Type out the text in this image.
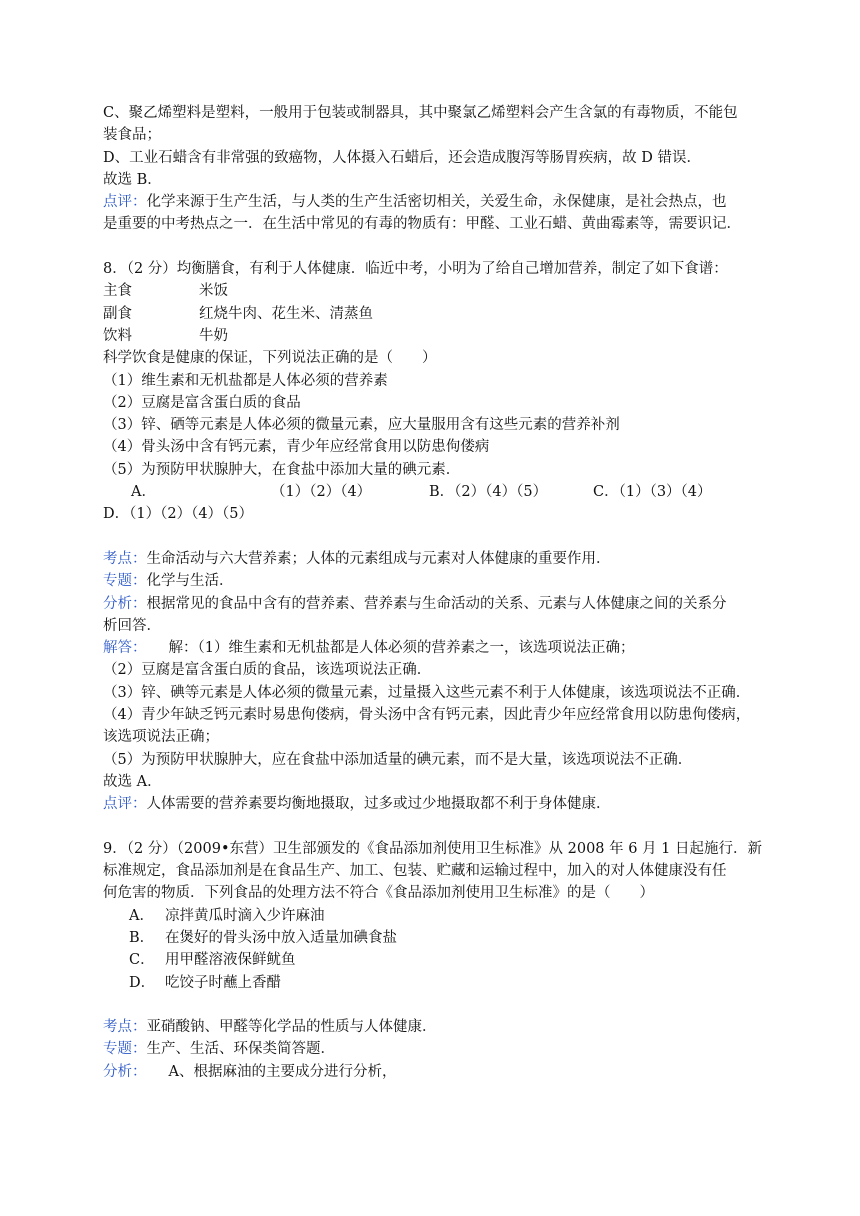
C、聚乙烯塑料是塑料，一般用于包装或制器具，其中聚氯乙烯塑料会产生含氯的有毒物质，不能包
装食品；
D、工业石蜡含有非常强的致癌物，人体摄入石蜡后，还会造成腹泻等肠胃疾病，故 D 错误．
故选 B．
点评：化学来源于生产生活，与人类的生产生活密切相关，关爱生命，永保健康，是社会热点，也
是重要的中考热点之一．在生活中常见的有毒的物质有：甲醛、工业石蜡、黄曲霉素等，需要识记．
8．（2 分）均衡膳食，有利于人体健康．临近中考，小明为了给自己增加营养，制定了如下食谱：
主食	米饭
副食	红烧牛肉、花生米、清蒸鱼
饮料	牛奶
科学饮食是健康的保证，下列说法正确的是（　　）
（1）维生素和无机盐都是人体必须的营养素
（2）豆腐是富含蛋白质的食品
（3）锌、硒等元素是人体必须的微量元素，应大量服用含有这些元素的营养补剂
（4）骨头汤中含有钙元素，青少年应经常食用以防患佝偻病
（5）为预防甲状腺肿大，在食盐中添加大量的碘元素．
A．	（1）（2）（4）	B．（2）（4）（5）	C．（1）（3）（4）
D．（1）（2）（4）（5）
考点：生命活动与六大营养素；人体的元素组成与元素对人体健康的重要作用．
专题：化学与生活．
分析：根据常见的食品中含有的营养素、营养素与生命活动的关系、元素与人体健康之间的关系分
析回答．
解答： 解：（1）维生素和无机盐都是人体必须的营养素之一，该选项说法正确；
（2）豆腐是富含蛋白质的食品，该选项说法正确．
（3）锌、碘等元素是人体必须的微量元素，过量摄入这些元素不利于人体健康，该选项说法不正确．
（4）青少年缺乏钙元素时易患佝偻病，骨头汤中含有钙元素，因此青少年应经常食用以防患佝偻病，
该选项说法正确；
（5）为预防甲状腺肿大，应在食盐中添加适量的碘元素，而不是大量，该选项说法不正确．
故选 A．
点评：人体需要的营养素要均衡地摄取，过多或过少地摄取都不利于身体健康．
9．（2 分）（2009•东营）卫生部颁发的《食品添加剂使用卫生标准》从 2008 年 6 月 1 日起施行．新
标准规定，食品添加剂是在食品生产、加工、包装、贮藏和运输过程中，加入的对人体健康没有任
何危害的物质．下列食品的处理方法不符合《食品添加剂使用卫生标准》的是（　　）
A． 凉拌黄瓜时滴入少许麻油
B． 在煲好的骨头汤中放入适量加碘食盐
C． 用甲醛溶液保鲜鱿鱼
D． 吃饺子时蘸上香醋
考点：亚硝酸钠、甲醛等化学品的性质与人体健康．
专题：生产、生活、环保类简答题．
分析： A、根据麻油的主要成分进行分析，
